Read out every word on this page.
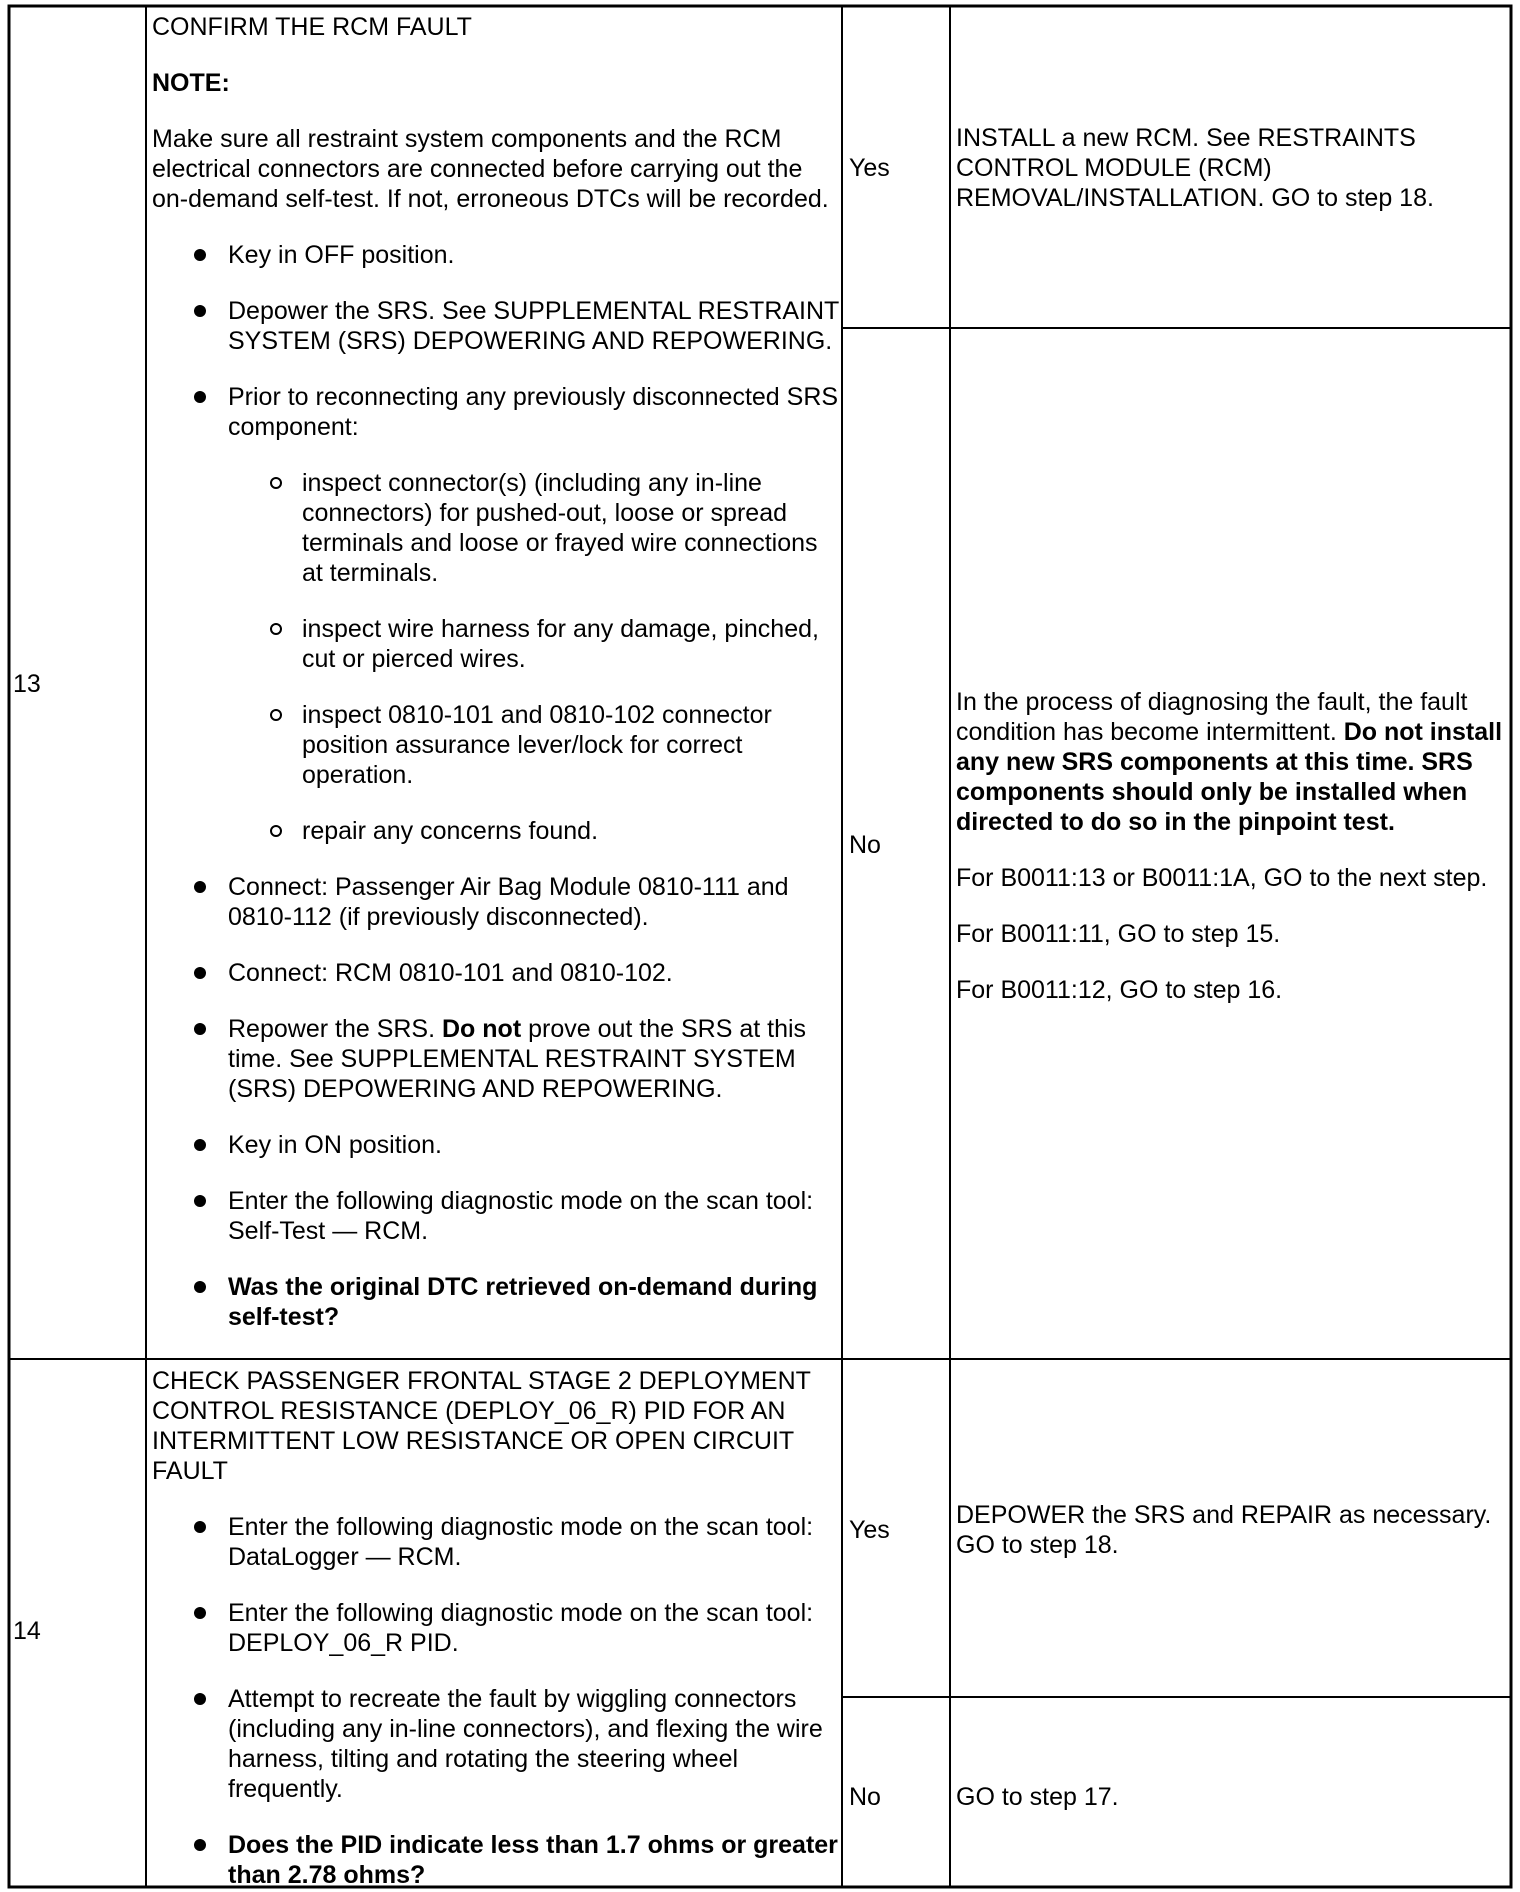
13

CONFIRM THE RCM FAULT

NOTE:

Make sure all restraint system components and the RCM electrical connectors are connected before carrying out the on-demand self-test. If not, erroneous DTCs will be recorded.

Key in OFF position.
Depower the SRS. See SUPPLEMENTAL RESTRAINT SYSTEM (SRS) DEPOWERING AND REPOWERING.
Prior to reconnecting any previously disconnected SRS component:
inspect connector(s) (including any in-line connectors) for pushed-out, loose or spread terminals and loose or frayed wire connections at terminals.
inspect wire harness for any damage, pinched, cut or pierced wires.
inspect 0810-101 and 0810-102 connector position assurance lever/lock for correct operation.
repair any concerns found.
Connect: Passenger Air Bag Module 0810-111 and 0810-112 (if previously disconnected).
Connect: RCM 0810-101 and 0810-102.
Repower the SRS. Do not prove out the SRS at this time. See SUPPLEMENTAL RESTRAINT SYSTEM (SRS) DEPOWERING AND REPOWERING.
Key in ON position.
Enter the following diagnostic mode on the scan tool: Self-Test — RCM.
Was the original DTC retrieved on-demand during self-test?
Yes
INSTALL a new RCM. See RESTRAINTS CONTROL MODULE (RCM) REMOVAL/INSTALLATION. GO to step 18.
No

In the process of diagnosing the fault, the fault condition has become intermittent. Do not install any new SRS components at this time. SRS components should only be installed when directed to do so in the pinpoint test.

For B0011:13 or B0011:1A, GO to the next step.

For B0011:11, GO to step 15.

For B0011:12, GO to step 16.

14

CHECK PASSENGER FRONTAL STAGE 2 DEPLOYMENT CONTROL RESISTANCE (DEPLOY_06_R) PID FOR AN INTERMITTENT LOW RESISTANCE OR OPEN CIRCUIT FAULT

Enter the following diagnostic mode on the scan tool: DataLogger — RCM.
Enter the following diagnostic mode on the scan tool: DEPLOY_06_R PID.
Attempt to recreate the fault by wiggling connectors (including any in-line connectors), and flexing the wire harness, tilting and rotating the steering wheel frequently.
Does the PID indicate less than 1.7 ohms or greater than 2.78 ohms?
Yes
DEPOWER the SRS and REPAIR as necessary. GO to step 18.
No	GO to step 17.
